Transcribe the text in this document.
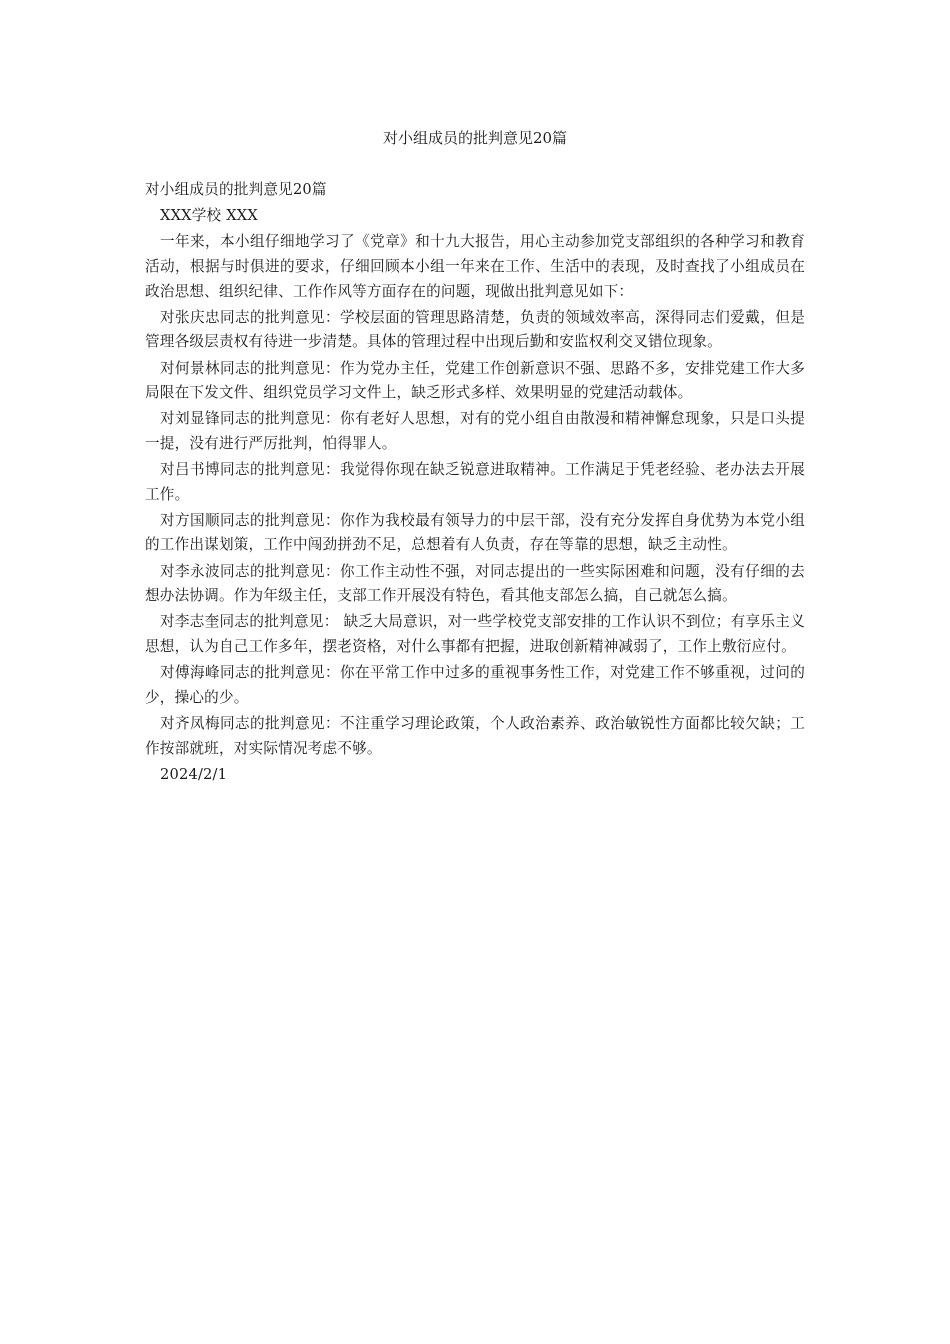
对小组成员的批判意见20篇

对小组成员的批判意见20篇

XXX学校 XXX

一年来，本小组仔细地学习了《党章》和十九大报告，用心主动参加党支部组织的各种学习和教育活动，根据与时俱进的要求，仔细回顾本小组一年来在工作、生活中的表现，及时查找了小组成员在政治思想、组织纪律、工作作风等方面存在的问题，现做出批判意见如下：

对张庆忠同志的批判意见：学校层面的管理思路清楚，负责的领域效率高，深得同志们爱戴，但是管理各级层责权有待进一步清楚。具体的管理过程中出现后勤和安监权利交叉错位现象。

对何景林同志的批判意见：作为党办主任，党建工作创新意识不强、思路不多，安排党建工作大多局限在下发文件、组织党员学习文件上，缺乏形式多样、效果明显的党建活动载体。

对刘显锋同志的批判意见：你有老好人思想，对有的党小组自由散漫和精神懈怠现象，只是口头提一提，没有进行严厉批判，怕得罪人。

对吕书博同志的批判意见：我觉得你现在缺乏锐意进取精神。工作满足于凭老经验、老办法去开展工作。

对方国顺同志的批判意见：你作为我校最有领导力的中层干部，没有充分发挥自身优势为本党小组的工作出谋划策，工作中闯劲拼劲不足，总想着有人负责，存在等靠的思想，缺乏主动性。

对李永波同志的批判意见：你工作主动性不强，对同志提出的一些实际困难和问题，没有仔细的去想办法协调。作为年级主任，支部工作开展没有特色，看其他支部怎么搞，自己就怎么搞。

对李志奎同志的批判意见： 缺乏大局意识，对一些学校党支部安排的工作认识不到位；有享乐主义思想，认为自己工作多年，摆老资格，对什么事都有把握，进取创新精神减弱了，工作上敷衍应付。

对傅海峰同志的批判意见：你在平常工作中过多的重视事务性工作，对党建工作不够重视，过问的少，操心的少。

对齐凤梅同志的批判意见：不注重学习理论政策，个人政治素养、政治敏锐性方面都比较欠缺；工作按部就班，对实际情况考虑不够。

2024/2/1
